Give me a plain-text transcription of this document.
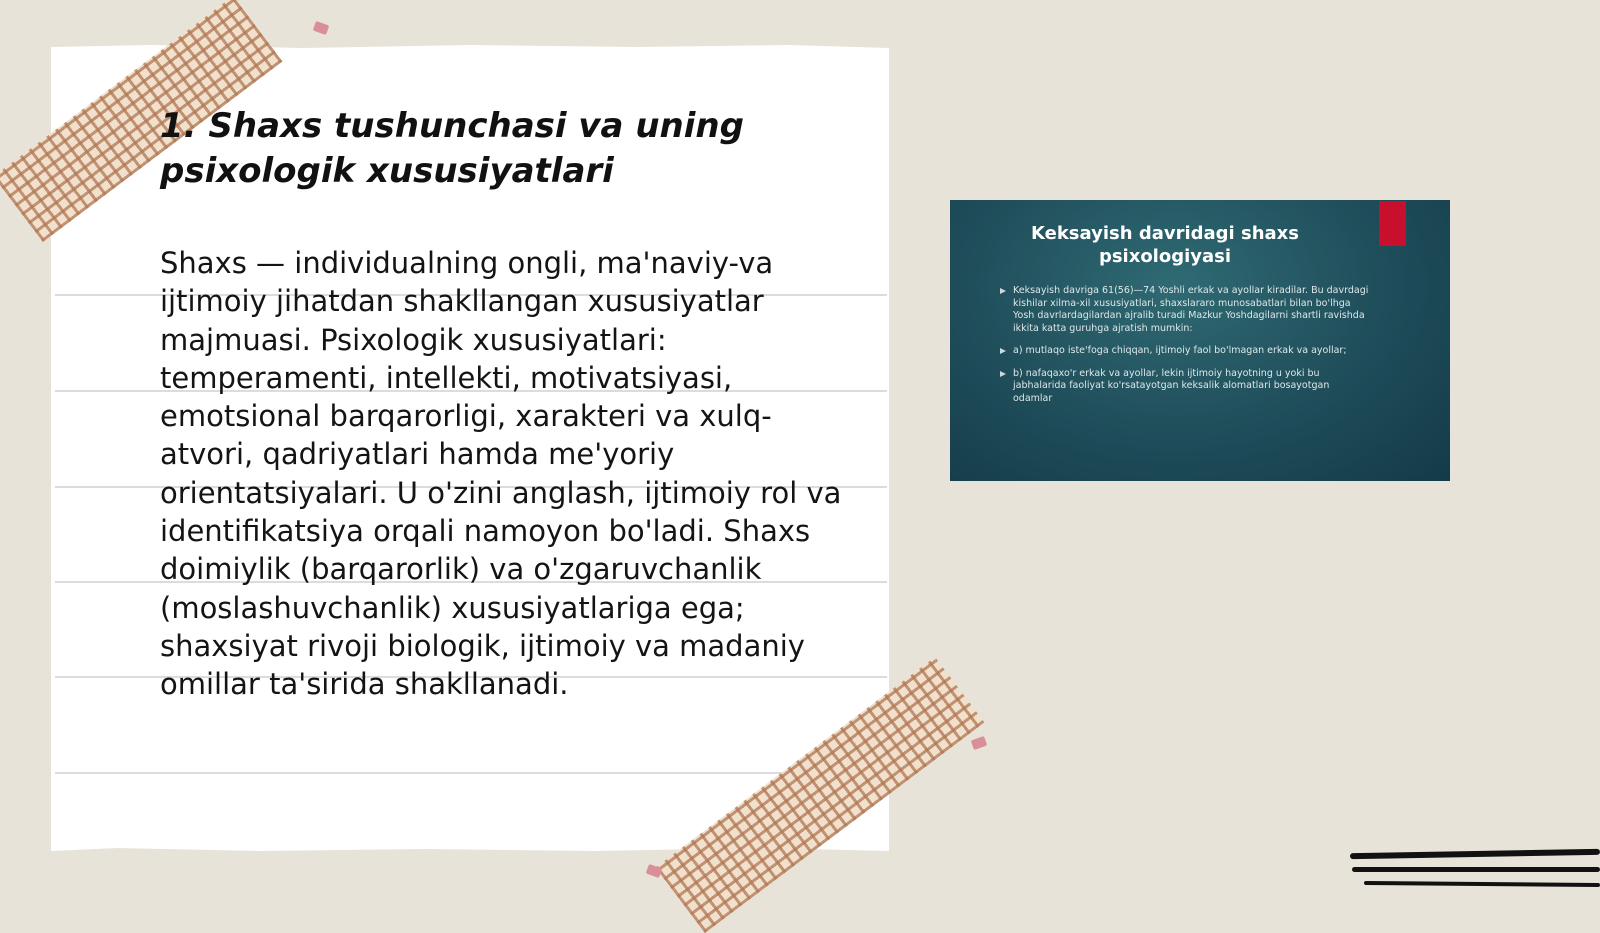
1. Shaxs tushunchasi va uning psixologik xususiyatlari

Shaxs — individualning ongli, ma'naviy-va ijtimoiy jihatdan shakllangan xususiyatlar majmuasi. Psixologik xususiyatlari: temperamenti, intellekti, motivatsiyasi, emotsional barqarorligi, xarakteri va xulq-atvori, qadriyatlari hamda me'yoriy orientatsiyalari. U o'zini anglash, ijtimoiy rol va identifikatsiya orqali namoyon bo'ladi. Shaxs doimiylik (barqarorlik) va o'zgaruvchanlik (moslashuvchanlik) xususiyatlariga ega; shaxsiyat rivoji biologik, ijtimoiy va madaniy omillar ta'sirida shakllanadi.

Keksayish davridagi shaxs psixologiyasi
Keksayish davriga 61(56)—74 Yoshli erkak va ayollar kiradilar. Bu davrdagi kishilar xilma-xil xususiyatlari, shaxslararo munosabatlari bilan bo'lhga Yosh davrlardagilardan ajralib turadi Mazkur Yoshdagilarni shartli ravishda ikkita katta guruhga ajratish mumkin:
a) mutlaqo iste'foga chiqqan, ijtimoiy faol bo'lmagan erkak va ayollar;
b) nafaqaxo'r erkak va ayollar, lekin ijtimoiy hayotning u yoki bu jabhalarida faoliyat ko'rsatayotgan keksalik alomatlari bosayotgan odamlar
